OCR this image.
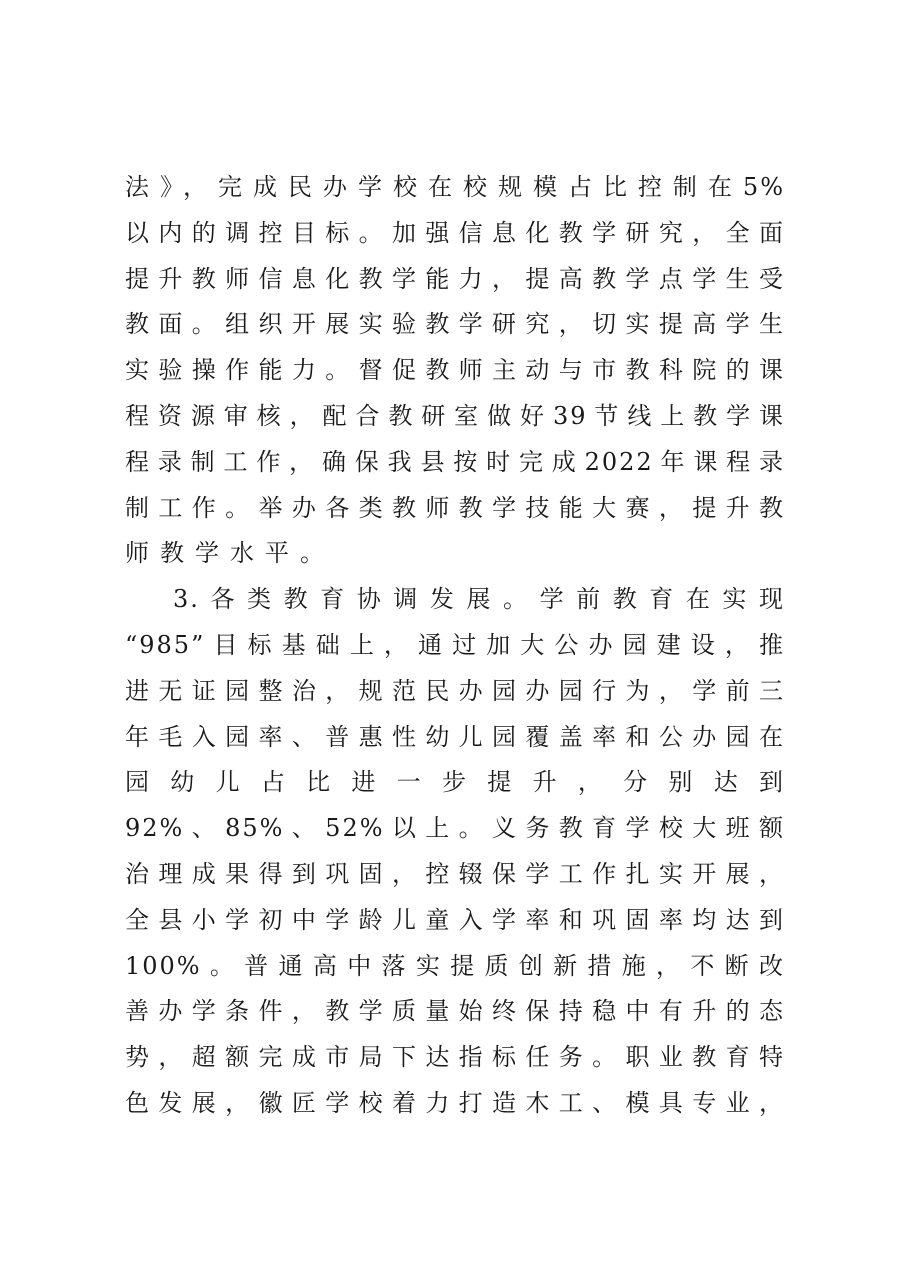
法》，完成民办学校在校规模占比控制在5%
以内的调控目标。加强信息化教学研究，全面
提升教师信息化教学能力，提高教学点学生受
教面。组织开展实验教学研究，切实提高学生
实验操作能力。督促教师主动与市教科院的课
程资源审核，配合教研室做好39节线上教学课
程录制工作，确保我县按时完成2022年课程录
制工作。举办各类教师教学技能大赛，提升教
师教学水平。
3.各类教育协调发展。学前教育在实现
“985”目标基础上，通过加大公办园建设，推
进无证园整治，规范民办园办园行为，学前三
年毛入园率、普惠性幼儿园覆盖率和公办园在
园 幼 儿 占 比 进 一 步 提 升 ， 分 别 达 到
92%、85%、52%以上。义务教育学校大班额
治理成果得到巩固，控辍保学工作扎实开展，
全县小学初中学龄儿童入学率和巩固率均达到
100%。普通高中落实提质创新措施，不断改
善办学条件，教学质量始终保持稳中有升的态
势，超额完成市局下达指标任务。职业教育特
色发展，徽匠学校着力打造木工、模具专业，
